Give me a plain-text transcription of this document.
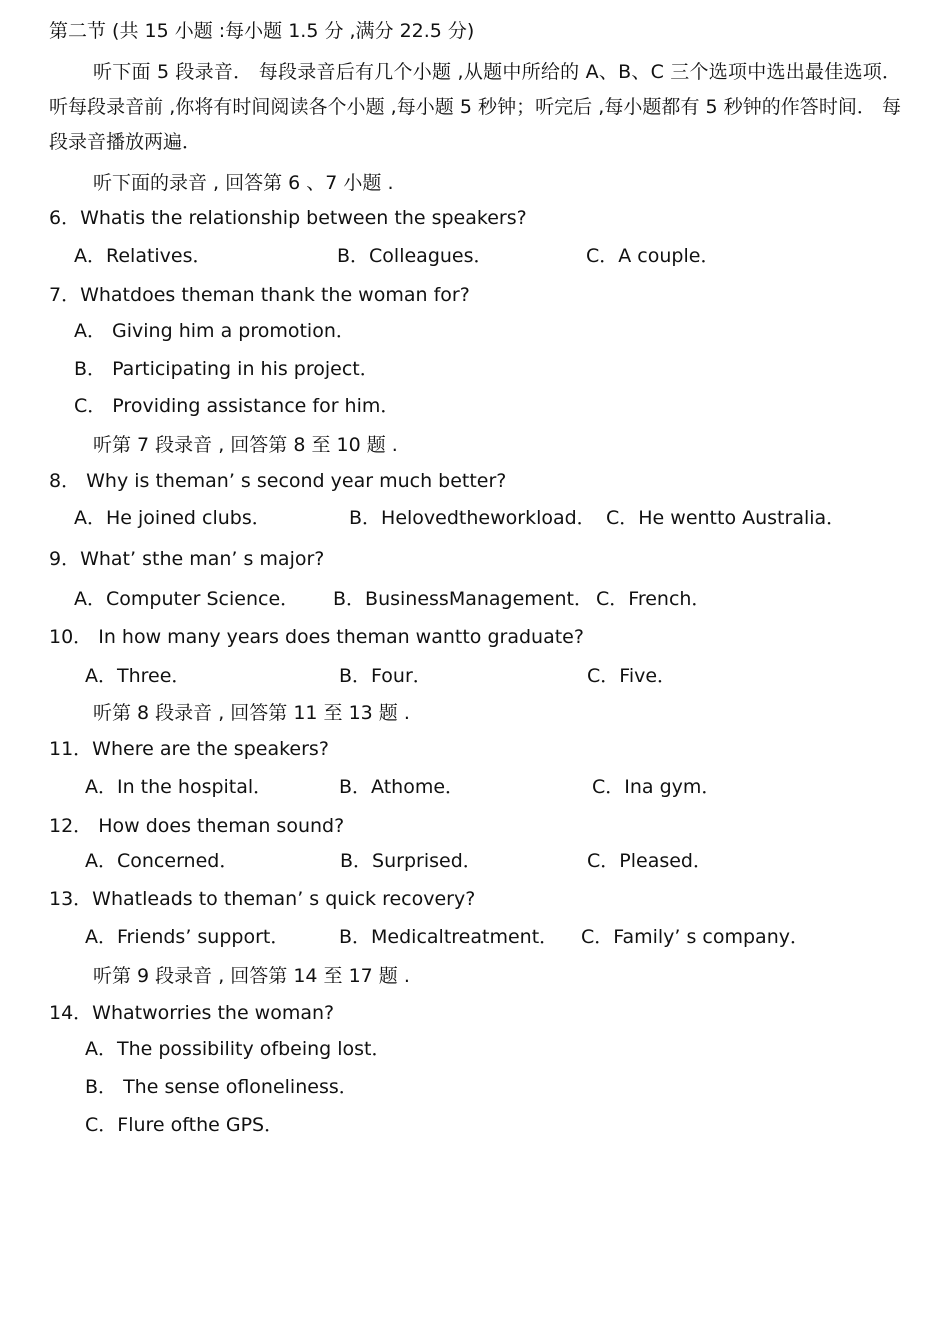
第二节 (共 15 小题 :每小题 1.5 分 ,满分 22.5 分)
听下面 5 段录音． 每段录音后有几个小题 ,从题中所给的 A、B、C 三个选项中选出最佳选项． 听每段录音前 ,你将有时间阅读各个小题 ,每小题 5 秒钟；听完后 ,每小题都有 5 秒钟的作答时间． 每段录音播放两遍．
听下面的录音 , 回答第 6 、7 小题 .
6．Whatis the relationship between the speakers?
A．Relatives．	B．Colleagues．	C．A couple．
7．Whatdoes theman thank the woman for?
A． Giving him a promotion．
B． Participating in his project．
C． Providing assistance for him．
听第 7 段录音 , 回答第 8 至 10 题 .
8． Why is theman’ s second year much better?
A．He joined clubs．	B．Helovedtheworkload． C．He wentto Australia．
9．What’ sthe man’ s major?
A．Computer Science． B．BusinessManagement． C．French．
10． In how many years does theman wantto graduate?
A．Three．	B．Four．	C．Five．
听第 8 段录音 , 回答第 11 至 13 题 .
11．Where are the speakers?
A．In the hospital．	B．Athome．	C．Ina gym．
12． How does theman sound?
A．Concerned．	B．Surprised．	C．Pleased．
13．Whatleads to theman’ s quick recovery?
A．Friends’ support．	B．Medicaltreatment． C．Family’ s company．
听第 9 段录音 , 回答第 14 至 17 题 .
14．Whatworries the woman?
A．The possibility ofbeing lost．
B． The sense ofloneliness．
C．Flure ofthe GPS．
